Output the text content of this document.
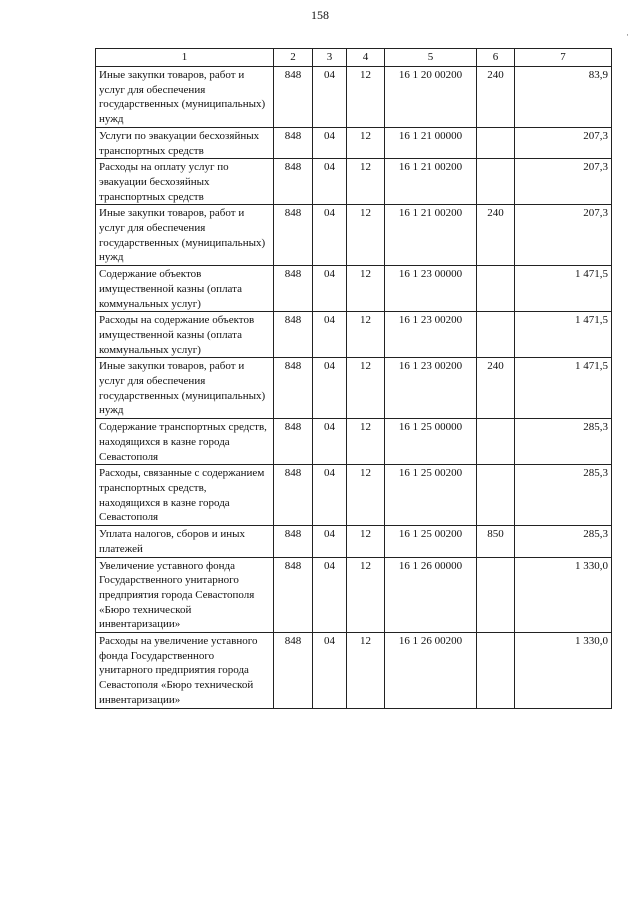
158
·
1	2	3	4	5	6	7
Иные закупки товаров, работ и услуг для обеспечения государственных (муниципальных) нужд	848	04	12	16 1 20 00200	240	83,9
Услуги по эвакуации бесхозяйных транспортных средств	848	04	12	16 1 21 00000		207,3
Расходы на оплату услуг по эвакуации бесхозяйных транспортных средств	848	04	12	16 1 21 00200		207,3
Иные закупки товаров, работ и услуг для обеспечения государственных (муниципальных) нужд	848	04	12	16 1 21 00200	240	207,3
Содержание объектов имущественной казны (оплата коммунальных услуг)	848	04	12	16 1 23 00000		1 471,5
Расходы на содержание объектов имущественной казны (оплата коммунальных услуг)	848	04	12	16 1 23 00200		1 471,5
Иные закупки товаров, работ и услуг для обеспечения государственных (муниципальных) нужд	848	04	12	16 1 23 00200	240	1 471,5
Содержание транспортных средств, находящихся в казне города Севастополя	848	04	12	16 1 25 00000		285,3
Расходы, связанные с содержанием транспортных средств, находящихся в казне города Севастополя	848	04	12	16 1 25 00200		285,3
Уплата налогов, сборов и иных платежей	848	04	12	16 1 25 00200	850	285,3
Увеличение уставного фонда Государственного унитарного предприятия города Севастополя «Бюро технической инвентаризации»	848	04	12	16 1 26 00000		1 330,0
Расходы на увеличение уставного фонда Государственного унитарного предприятия города Севастополя «Бюро технической инвентаризации»	848	04	12	16 1 26 00200		1 330,0
